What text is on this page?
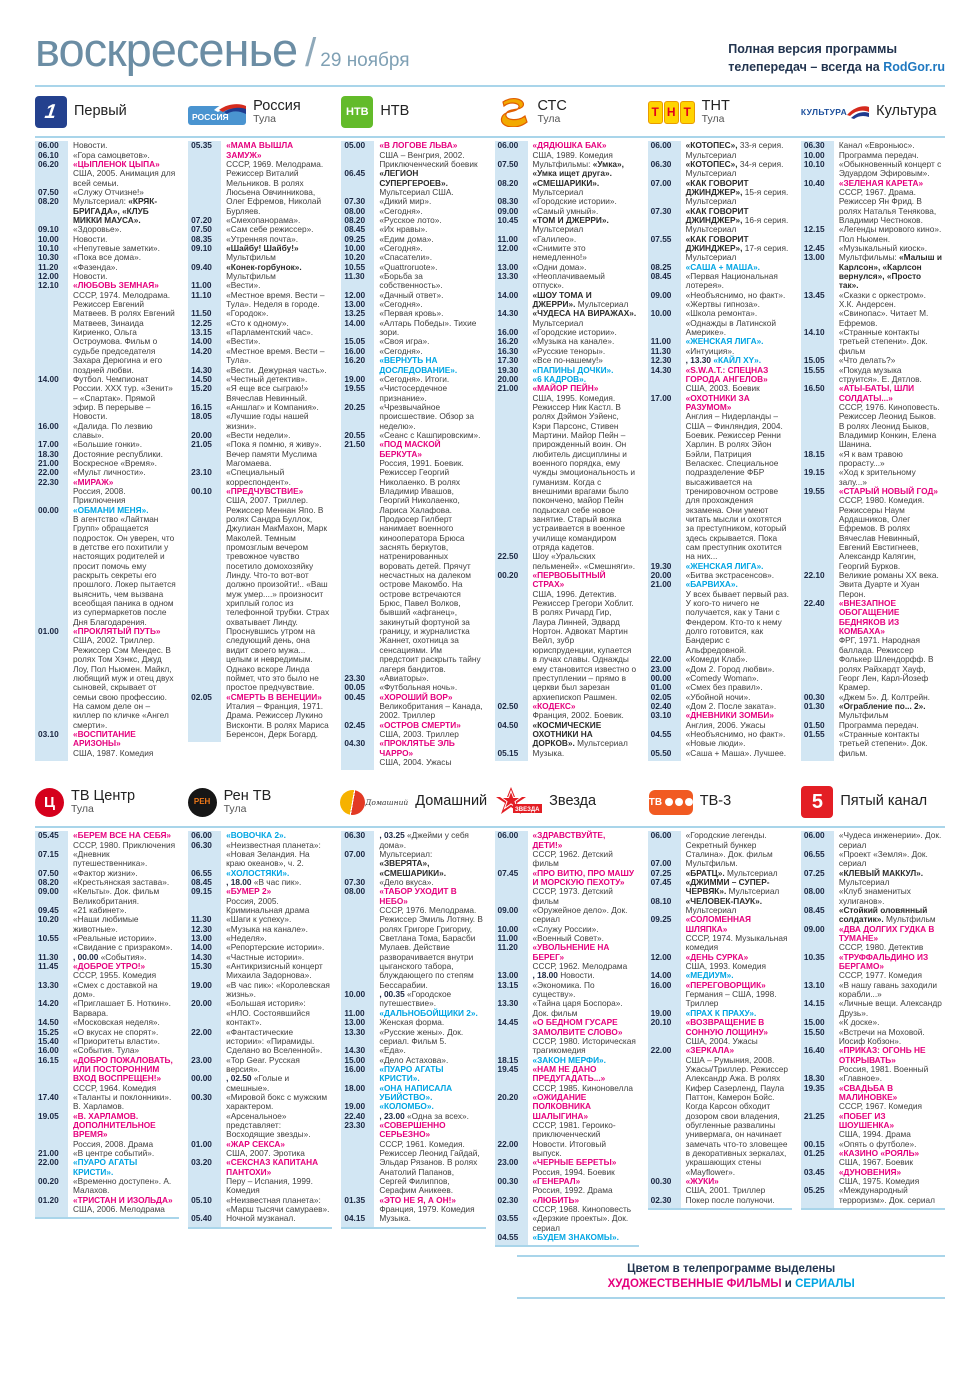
воскресенье / 29 ноября
Полная версия программы
телепередач – всегда на RodGor.ru
1 Первый	РОССИЯ
Россия
Тула
НТВ НТВ	СТС
Тула
Т Н Т ТНТ
Тула
КУЛЬТУРА Культура
06.00	Новости.
06.10	«Гора самоцветов».
06.20	«ЦЫПЛЕНОК ЦЫПА»
США, 2005. Анимация для всей семьи.
07.50	«Служу Отчизне!»
08.20	Мультсериал: «КРЯК-БРИГАДА», «КЛУБ МИККИ МАУСА».
09.10	«Здоровье».
10.00	Новости.
10.10	«Непутевые заметки».
10.30	«Пока все дома».
11.20	«Фазенда».
12.00	Новости.
12.10	«ЛЮБОВЬ ЗЕМНАЯ»
СССР, 1974. Мелодрама. Режиссер Евгений Матвеев. В ролях Евгений Матвеев, Зинаида Кириенко, Ольга Остроумова. Фильм о судьбе председателя Захара Дерюгина и его поздней любви.
14.00	Футбол. Чемпионат России. XXX тур. «Зенит» – «Спартак». Прямой эфир. В перерыве – Новости.
16.00	«Далида. По лезвию славы».
17.00	«Большие гонки».
18.30	Достояние республики.
21.00	Воскресное «Время».
22.00	«Мульт личности».
22.30	«МИРАЖ»
Россия, 2008. Приключения
00.00	«ОБМАНИ МЕНЯ».
В агентство «Лайтман Групп» обращается подросток. Он уверен, что в детстве его похитили у настоящих родителей и просит помочь ему раскрыть секреты его прошлого. Локер пытается выяснить, чем вызвана всеобщая паника в одном из супермаркетов после Дня Благодарения.
01.00	«ПРОКЛЯТЫЙ ПУТЬ»
США, 2002. Триллер. Режиссер Сэм Мендес. В ролях Том Хэнкс, Джуд Лоу, Пол Ньюмен. Майкл, любящий муж и отец двух сыновей, скрывает от семьи свою профессию. На самом деле он – киллер по кличке «Ангел смерти».
03.10	«ВОСПИТАНИЕ АРИЗОНЫ»
США, 1987. Комедия
05.35	«МАМА ВЫШЛА ЗАМУЖ»
СССР, 1969. Мелодрама. Режиссер Виталий Мельников. В ролях Люсьена Овчинникова, Олег Ефремов, Николай Бурляев.
07.20	«Смехопанорама».
07.50	«Сам себе режиссер».
08.35	«Утренняя почта».
09.10	«Шайбу! Шайбу!»
Мультфильм
09.40	«Конек-горбунок».
Мультфильм
11.00	«Вести».
11.10	«Местное время. Вести – Тула». Неделя в городе.
11.50	«Городок».
12.25	«Сто к одному».
13.15	«Парламентский час».
14.00	«Вести».
14.20	«Местное время. Вести – Тула».
14.30	«Вести. Дежурная часть».
14.50	«Честный детектив».
15.20	«Я еще все сыграю!» Вячеслав Невинный.
16.15	«Аншлаг» и Компания».
18.05	«Лучшие годы нашей жизни».
20.00	«Вести недели».
21.05	«Пока я помню, я живу». Вечер памяти Муслима Магомаева.
23.10	«Специальный корреспондент».
00.10	«ПРЕДЧУВСТВИЕ»
США, 2007. Триллер. Режиссер Меннан Япо. В ролях Сандра Буллок, Джулиан МакМахон, Марк Маколей. Темным промозглым вечером тревожное чувство посетило домохозяйку Линду. Что-то вот-вот должно произойти!.. «Ваш муж умер....» произносит хриплый голос из телефонной трубки. Страх охватывает Линду. Проснувшись утром на следующий день, она видит своего мужа... целым и невредимым. Однако вскоре Линда поймет, что это было не простое предчувствие.
02.05	«СМЕРТЬ В ВЕНЕЦИИ»
Италия – Франция, 1971. Драма. Режиссер Лукино Висконти. В ролях Мариса Беренсон, Дерк Богард.
05.00	«В ЛОГОВЕ ЛЬВА»
США – Венгрия, 2002. Приключенческий боевик
06.45	«ЛЕГИОН СУПЕРГЕРОЕВ».
Мультсериал США.
07.30	«Дикий мир».
08.00	«Сегодня».
08.20	«Русское лото».
08.45	«Их нравы».
09.25	«Едим дома».
10.00	«Сегодня».
10.20	«Спасатели».
10.55	«Quattroruote».
11.30	«Борьба за собственность».
12.00	«Дачный ответ».
13.00	«Сегодня».
13.25	«Первая кровь».
14.00	«Алтарь Победы». Тихие зори.
15.05	«Своя игра».
16.00	«Сегодня».
16.20	«ВЕРНУТЬ НА ДОСЛЕДОВАНИЕ».
19.00	«Сегодня». Итоги.
19.55	«Чистосердечное признание».
20.25	«Чрезвычайное происшествие. Обзор за неделю».
20.55	«Сеанс с Кашпировским».
21.50	«ПОД МАСКОЙ БЕРКУТА»
Россия, 1991. Боевик. Режиссер Георгий Николаенко. В ролях Владимир Ивашов, Георгий Николаенко, Лариса Халафова. Продюсер Гилберт нанимает военного кинооператора Брюса заснять беркутов, натренированных воровать детей. Прячут несчастных на далеком острове Макомбо. На острове встречаются Брюс, Павел Волков, бывший «афганец», закинутый фортуной за границу, и журналистка Жаннет, охотница за сенсациями. Им предстоит раскрыть тайну лагеря бандитов.
23.30	«Авиаторы».
00.05	«Футбольная ночь».
00.45	«ХОРОШИЙ ВОР»
Великобритания – Канада, 2002. Триллер
02.45	«ОСТРОВ СМЕРТИ»
США, 2003. Триллер
04.30	«ПРОКЛЯТЬЕ ЭЛЬ ЧАРРО»
США, 2004. Ужасы
06.00	«ДЯДЮШКА БАК»
США, 1989. Комедия
07.50	Мультфильмы: «Умка», «Умка ищет друга».
08.20	«СМЕШАРИКИ». Мультсериал
08.30	«Городские истории».
09.00	«Самый умный».
10.45	«ТОМ И ДЖЕРРИ». Мультсериал
11.00	«Галилео».
12.00	«Снимите это немедленно!»
13.00	«Одни дома».
13.30	«Неоплачиваемый отпуск».
14.00	«ШОУ ТОМА И ДЖЕРРИ». Мультсериал
14.30	«ЧУДЕСА НА ВИРАЖАХ». Мультсериал
16.00	«Городские истории».
16.20	«Музыка на канале».
16.30	«Русские теноры».
17.30	«Все по-нашему!»
19.30	«ПАПИНЫ ДОЧКИ».
20.00	«6 КАДРОВ».
21.00	«МАЙОР ПЕЙН»
США, 1995. Комедия. Режиссер Ник Кастл. В ролях Дэймон Уэйенс, Кэри Парсонс, Стивен Мартини. Майор Пейн – прирожденный воин. Он любитель дисциплины и военного порядка, ему чужды эмоциональность и гуманизм. Когда с внешними врагами было покончено, майор Пейн подыскал себе новое занятие. Старый вояка устраивается в военное училище командиром отряда кадетов.
22.50	Шоу «Уральских пельменей». «Смешняги».
00.20	«ПЕРВОБЫТНЫЙ СТРАХ»
США, 1996. Детектив. Режиссер Грегори Хоблит. В ролях Ричард Гир, Лаура Линней, Эдвард Нортон. Адвокат Мартин Вейл, зубр юриспруденции, купается в лучах славы. Однажды ему становится известно о преступлении – прямо в церкви был зарезан архиепископ Рашмен.
02.50	«КОДЕКС»
Франция, 2002. Боевик.
04.50	«КОСМИЧЕСКИЕ ОХОТНИКИ НА ДОРКОВ». Мультсериал
05.15	Музыка.
06.00	«КОТОПЕС», 33-я серия. Мультсериал
06.30	«КОТОПЕС», 34-я серия. Мультсериал
07.00	«КАК ГОВОРИТ ДЖИНДЖЕР», 15-я серия. Мультсериал
07.30	«КАК ГОВОРИТ ДЖИНДЖЕР», 16-я серия. Мультсериал
07.55	«КАК ГОВОРИТ ДЖИНДЖЕР», 17-я серия. Мультсериал
08.25	«САША + МАША».
08.45	«Первая Национальная лотерея».
09.00	«Необъяснимо, но факт». «Жертвы гипноза».
10.00	«Школа ремонта». «Однажды в Латинской Америке».
11.00	«ЖЕНСКАЯ ЛИГА».
11.30	«Интуиция».
12.30	, 13.30 «КАЙЛ XY».
14.30	«S.W.A.T.: СПЕЦНАЗ ГОРОДА АНГЕЛОВ»
США, 2003. Боевик
17.00	«ОХОТНИКИ ЗА РАЗУМОМ»
Англия – Нидерланды – США – Финляндия, 2004. Боевик. Режиссер Ренни Харлин. В ролях Эйон Бэйли, Патриция Веласкес. Специальное подразделение ФБР высаживается на тренировочном острове для прохождения экзамена. Они умеют читать мысли и охотятся за преступником, который здесь скрывается. Пока сам преступник охотится на них...
19.30	«ЖЕНСКАЯ ЛИГА».
20.00	«Битва экстрасенсов».
21.00	«БАРВИХА».
У всех бывает первый раз. У кого-то ничего не получается, как у Тани с Фендером. Кто-то к нему долго готовится, как Бандерис с Альфредовной.
22.00	«Комеди Клаб».
23.00	«Дом 2. Город любви».
00.00	«Comedy Woman».
01.00	«Смех без правил».
02.05	«Убойной ночи».
02.40	«Дом 2. После заката».
03.10	«ДНЕВНИКИ ЗОМБИ»
Англия, 2006. Ужасы
04.55	«Необъяснимо, но факт». «Новые люди».
05.50	«Саша + Маша». Лучшее.
06.30	Канал «Евроньюс».
10.00	Программа передач.
10.10	«Обыкновенный концерт с Эдуардом Эфировым».
10.40	«ЗЕЛЕНАЯ КАРЕТА»
СССР, 1967. Драма. Режиссер Ян Фрид. В ролях Наталья Тенякова, Владимир Честноков.
12.15	«Легенды мирового кино». Пол Ньюмен.
12.45	«Музыкальный киоск».
13.00	Мультфильмы: «Малыш и Карлсон», «Карлсон вернулся», «Просто так».
13.45	«Сказки с оркестром». Х.К. Андерсен. «Свинопас». Читает М. Ефремов.
14.10	«Странные контакты третьей степени». Док. фильм
15.05	«Что делать?»
15.55	«Покуда музыка струится». Е. Дятлов.
16.50	«АТЫ-БАТЫ, ШЛИ СОЛДАТЫ...»
СССР, 1976. Киноповесть. Режиссер Леонид Быков. В ролях Леонид Быков, Владимир Конкин, Елена Шанина.
18.15	«Я к вам травою прорасту...»
19.15	«Ход к зрительному залу...»
19.55	«СТАРЫЙ НОВЫЙ ГОД»
СССР, 1980. Комедия. Режиссеры Наум Ардашников, Олег Ефремов. В ролях Вячеслав Невинный, Евгений Евстигнеев, Александр Калягин, Георгий Бурков.
22.10	Великие романы XX века. Эвита Дуарте и Хуан Перон.
22.40	«ВНЕЗАПНОЕ ОБОГАЩЕНИЕ БЕДНЯКОВ ИЗ КОМБАХА»
ФРГ, 1971. Народная баллада. Режиссер Фолькер Шлендорфф. В ролях Райхардт Хауф, Георг Лен, Карл-Йозеф Крамер.
00.30	«Джем 5». Д. Колтрейн.
01.30	«Ограбление по... 2». Мультфильм
01.50	Программа передач.
01.55	«Странные контакты третьей степени». Док. фильм.
Ц ТВ Центр
Тула
РЕН Рен ТВ
Тула
Домашний Домашний
ЗВЕЗДА
Звезда	ТВ	ТВ-3	5 Пятый канал
05.45	«БЕРЕМ ВСЕ НА СЕБЯ»
СССР, 1980. Приключения
07.15	«Дневник путешественника».
07.50	«Фактор жизни».
08.20	«Крестьянская застава».
09.00	«Кельты». Док. фильм Великобритания.
09.45	«21 кабинет».
10.20	«Наши любимые животные».
10.55	«Реальные истории». «Свидание с призраком».
11.30	, 00.00 «События».
11.45	«ДОБРОЕ УТРО!»
СССР, 1955. Комедия
13.30	«Смех с доставкой на дом».
14.20	«Приглашает Б. Ноткин». Варвара.
14.50	«Московская неделя».
15.25	«О вкусах не спорят».
15.40	«Приоритеты власти».
16.00	«События. Тула»
16.15	«ДОБРО ПОЖАЛОВАТЬ, ИЛИ ПОСТОРОННИМ ВХОД ВОСПРЕЩЕН!»
СССР, 1964. Комедия
17.40	«Таланты и поклонники». В. Харламов.
19.05	«В. ХАРЛАМОВ. ДОПОЛНИТЕЛЬНОЕ ВРЕМЯ»
Россия, 2008. Драма
21.00	«В центре событий».
22.00	«ПУАРО АГАТЫ КРИСТИ».
00.20	«Временно доступен». А. Малахов.
01.20	«ТРИСТАН И ИЗОЛЬДА»
США, 2006. Мелодрама
06.00	«ВОВОЧКА 2».
06.30	«Неизвестная планета»: «Новая Зеландия. На краю океанов», ч. 2.
06.55	«ХОЛОСТЯКИ».
08.45	, 18.00 «В час пик».
09.15	«БУМЕР 2»
Россия, 2005. Криминальная драма
11.30	«Шаги к успеху».
12.30	«Музыка на канале».
13.00	«Неделя».
14.00	«Репортерские истории».
14.30	«Частные истории».
15.30	«Антикризисный концерт Михаила Задорнова».
19.00	«В час пик»: «Королевская жизнь».
20.00	«Большая история»: «НЛО. Состоявшийся контакт».
22.00	«Фантастические истории»: «Пирамиды. Сделано во Вселенной».
23.00	«Top Gear. Русская версия».
00.00	, 02.50 «Голые и смешные».
00.30	«Мировой бокс с мужским характером. «Арсенальное» представляет: Восходящие звезды».
01.00	«ЖАР СЕКСА»
США, 2007. Эротика
03.20	«СЕКСНАЗ КАПИТАНА ПАНТОХИ»
Перу – Испания, 1999. Комедия
05.10	«Неизвестная планета»: «Марш тысячи самураев».
05.40	Ночной музканал.
06.30	, 03.25 «Джейми у себя дома».
07.00	Мультсериал: «ЗВЕРЯТА», «СМЕШАРИКИ».
07.30	«Дело вкуса».
08.00	«ТАБОР УХОДИТ В НЕБО»
СССР, 1976. Мелодрама. Режиссер Эмиль Лотяну. В ролях Григоре Григориу, Светлана Тома, Барасби Мулаев. Действие разворачивается внутри цыганского табора, блуждающего по степям Бессарабии.
10.00	, 00.35 «Городское путешествие».
11.00	«ДАЛЬНОБОЙЩИКИ 2».
13.00	Женская форма.
13.30	«Русские жены». Док. сериал. Фильм 5.
14.30	«Еда».
15.00	«Дело Астахова».
16.00	«ПУАРО АГАТЫ КРИСТИ».
18.00	«ОНА НАПИСАЛА УБИЙСТВО».
19.00	«КОЛОМБО».
22.40	, 23.00 «Одна за всех».
23.30	«СОВЕРШЕННО СЕРЬЕЗНО»
СССР, 1961. Комедия. Режиссер Леонид Гайдай, Эльдар Рязанов. В ролях Анатолий Папанов, Сергей Филиппов, Серафим Аникеев.
01.35	«ЭТО НЕ Я, А ОН!»
Франция, 1979. Комедия
04.15	Музыка.
06.00	«ЗДРАВСТВУЙТЕ, ДЕТИ!»
СССР, 1962. Детский фильм
07.45	«ПРО ВИТЮ, ПРО МАШУ И МОРСКУЮ ПЕХОТУ»
СССР, 1973. Детский фильм
09.00	«Оружейное дело». Док. сериал
10.00	«Служу России».
11.00	«Военный Совет».
11.20	«УВОЛЬНЕНИЕ НА БЕРЕГ»
СССР, 1962. Мелодрама
13.00	, 18.00 Новости.
13.15	«Экономика. По существу».
13.30	«Тайна царя Боспора». Док. фильм
14.45	«О БЕДНОМ ГУСАРЕ ЗАМОЛВИТЕ СЛОВО»
СССР, 1980. Историческая трагикомедия
18.15	«ЗАКОН МЕРФИ».
19.45	«НАМ НЕ ДАНО ПРЕДУГАДАТЬ...»
СССР, 1985. Киноновелла
20.20	«ОЖИДАНИЕ ПОЛКОВНИКА ШАЛЫГИНА»
СССР, 1981. Героико-приключенческий
22.00	Новости. Итоговый выпуск.
23.00	«ЧЕРНЫЕ БЕРЕТЫ»
Россия, 1994. Боевик
00.30	«ГЕНЕРАЛ»
Россия, 1992. Драма
02.30	«ЛЮБИТЬ»
СССР, 1968. Киноповесть
03.55	«Дерзкие проекты». Док. сериал
04.55	«БУДЕМ ЗНАКОМЫ».
06.00	«Городские легенды. Секретный бункер Сталина». Док. фильм
07.00	Мультфильм.
07.25	«БРАТЦ». Мультсериал
07.45	«ДЖИММИ – СУПЕР-ЧЕРВЯК». Мультсериал
08.10	«ЧЕЛОВЕК-ПАУК». Мультсериал
09.25	«СОЛОМЕННАЯ ШЛЯПКА»
СССР, 1974. Музыкальная комедия
12.00	«ДЕНЬ СУРКА»
США, 1993. Комедия
14.00	«МЕДИУМ».
16.00	«ПЕРЕГОВОРЩИК»
Германия – США, 1998. Триллер
19.00	«ПРАХ К ПРАХУ».
20.10	«ВОЗВРАЩЕНИЕ В СОННУЮ ЛОЩИНУ»
США, 2004. Ужасы
22.00	«ЗЕРКАЛА»
США – Румыния, 2008. Ужасы/Триллер. Режиссер Александр Ажа. В ролях Кифер Сазерленд, Паула Паттон, Камерон Бойс. Когда Карсон обходит дозором свои владения, обугленные развалины универмага, он начинает замечать что-то зловещее в декоративных зеркалах, украшающих стены «Mayflower».
00.30	«ЖУКИ»
США, 2001. Триллер
02.30	Покер после полуночи.
06.00	«Чудеса инженерии». Док. сериал
06.55	«Проект «Земля». Док. сериал
07.25	«КЛЕВЫЙ МАККУЛ». Мультсериал
08.00	«Клуб знаменитых хулиганов».
08.45	«Стойкий оловянный солдатик». Мультфильм
09.00	«ДВА ДОЛГИХ ГУДКА В ТУМАНЕ»
СССР, 1980. Детектив
10.35	«ТРУФФАЛЬДИНО ИЗ БЕРГАМО»
СССР, 1977. Комедия
13.10	«В нашу гавань заходили корабли...»
14.15	«Личные вещи. Александр Друзь».
15.00	«К доске».
15.50	«Встречи на Моховой. Иосиф Кобзон».
16.40	«ПРИКАЗ: ОГОНЬ НЕ ОТКРЫВАТЬ»
Россия, 1981. Военный
18.30	«Главное».
19.35	«СВАДЬБА В МАЛИНОВКЕ»
СССР, 1967. Комедия
21.25	«ПОБЕГ ИЗ ШОУШЕНКА»
США, 1994. Драма
00.15	«Опять о футболе».
01.25	«КАЗИНО «РОЯЛЬ»
США, 1967. Боевик
03.45	«ДУНОВЕНИЯ»
США, 1975. Комедия
05.25	«Международный терроризм». Док. сериал
Цветом в телепрограмме выделены
ХУДОЖЕСТВЕННЫЕ ФИЛЬМЫ и СЕРИАЛЫ
